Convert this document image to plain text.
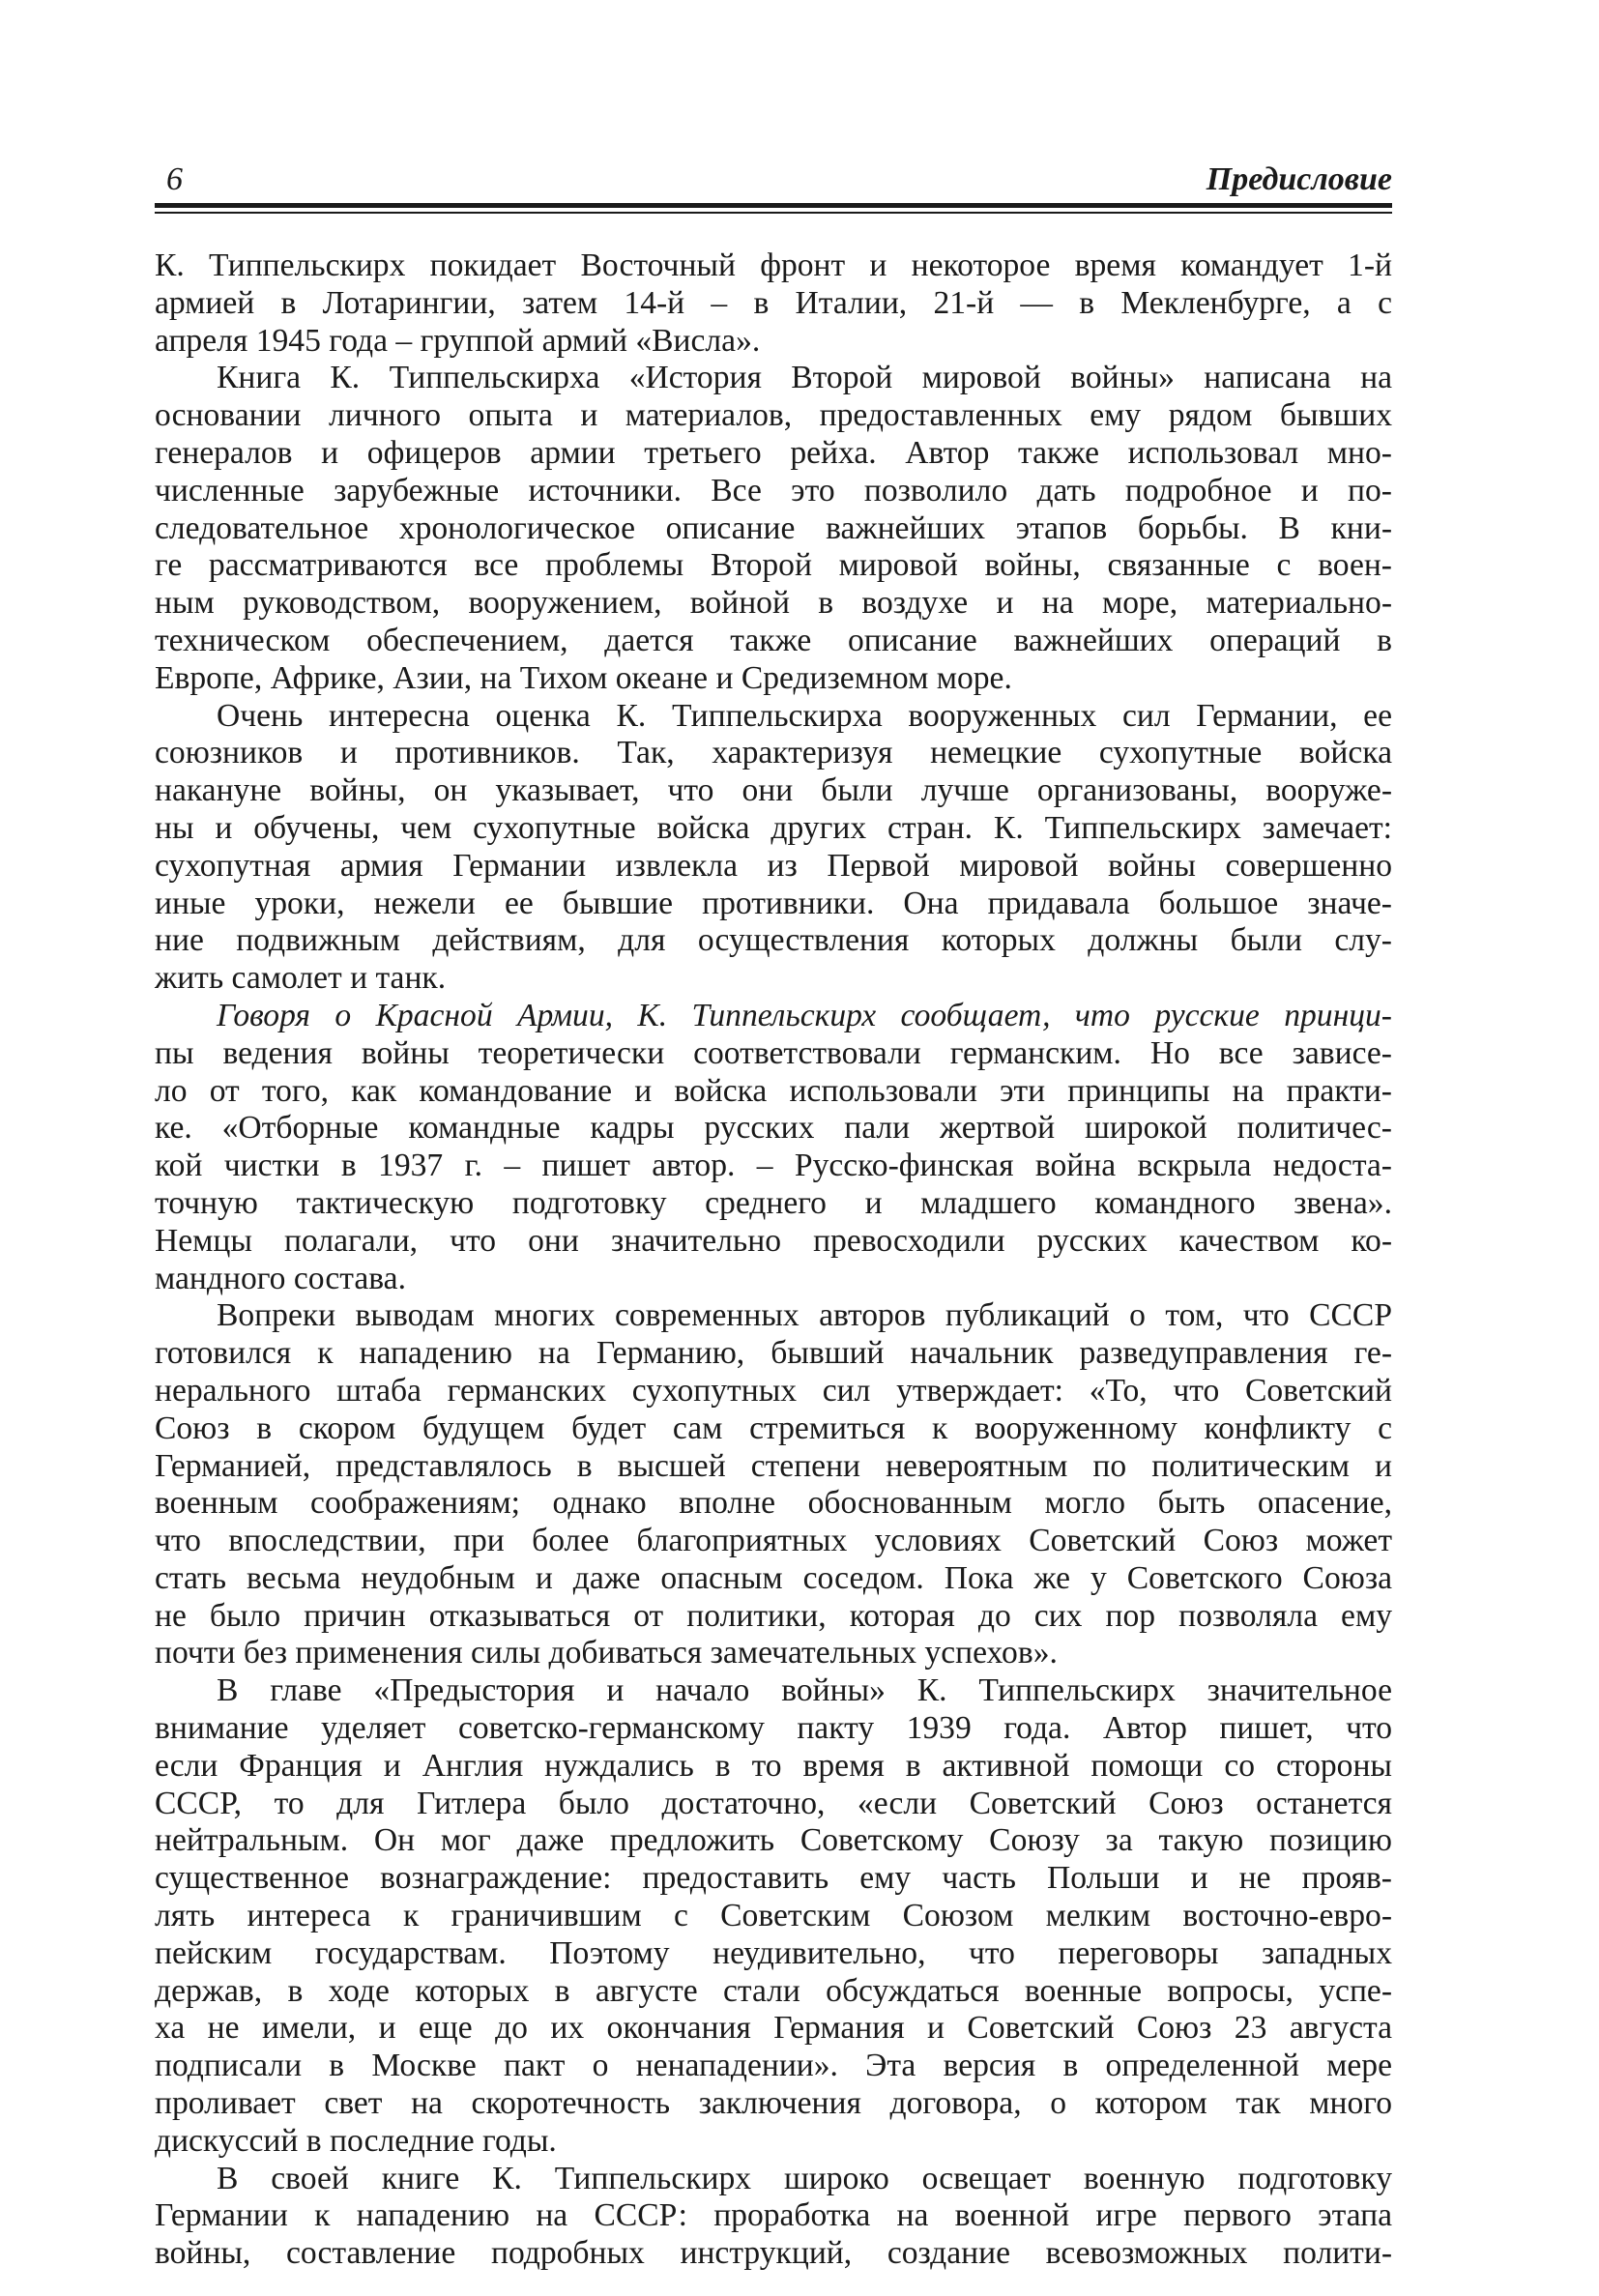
6	Предисловие
К. Типпельскирх покидает Восточный фронт и некоторое время командует 1-й
армией в Лотарингии, затем 14-й – в Италии, 21-й — в Мекленбурге, а с
апреля 1945 года – группой армий «Висла».
Книга К. Типпельскирха «История Второй мировой войны» написана на
основании личного опыта и материалов, предоставленных ему рядом бывших
генералов и офицеров армии третьего рейха. Автор также использовал мно-
численные зарубежные источники. Все это позволило дать подробное и по-
следовательное хронологическое описание важнейших этапов борьбы. В кни-
ге рассматриваются все проблемы Второй мировой войны, связанные с воен-
ным руководством, вооружением, войной в воздухе и на море, материально-
техническом обеспечением, дается также описание важнейших операций в
Европе, Африке, Азии, на Тихом океане и Средиземном море.
Очень интересна оценка К. Типпельскирха вооруженных сил Германии, ее
союзников и противников. Так, характеризуя немецкие сухопутные войска
накануне войны, он указывает, что они были лучше организованы, вооруже-
ны и обучены, чем сухопутные войска других стран. К. Типпельскирх замечает:
сухопутная армия Германии извлекла из Первой мировой войны совершенно
иные уроки, нежели ее бывшие противники. Она придавала большое значе-
ние подвижным действиям, для осуществления которых должны были слу-
жить самолет и танк.
Говоря о Красной Армии, К. Типпельскирх сообщает, что русские принци-
пы ведения войны теоретически соответствовали германским. Но все зависе-
ло от того, как командование и войска использовали эти принципы на практи-
ке. «Отборные командные кадры русских пали жертвой широкой политичес-
кой чистки в 1937 г. – пишет автор. – Русско-финская война вскрыла недоста-
точную тактическую подготовку среднего и младшего командного звена».
Немцы полагали, что они значительно превосходили русских качеством ко-
мандного состава.
Вопреки выводам многих современных авторов публикаций о том, что СССР
готовился к нападению на Германию, бывший начальник разведуправления ге-
нерального штаба германских сухопутных сил утверждает: «То, что Советский
Союз в скором будущем будет сам стремиться к вооруженному конфликту с
Германией, представлялось в высшей степени невероятным по политическим и
военным соображениям; однако вполне обоснованным могло быть опасение,
что впоследствии, при более благоприятных условиях Советский Союз может
стать весьма неудобным и даже опасным соседом. Пока же у Советского Союза
не было причин отказываться от политики, которая до сих пор позволяла ему
почти без применения силы добиваться замечательных успехов».
В главе «Предыстория и начало войны» К. Типпельскирх значительное
внимание уделяет советско-германскому пакту 1939 года. Автор пишет, что
если Франция и Англия нуждались в то время в активной помощи со стороны
СССР, то для Гитлера было достаточно, «если Советский Союз останется
нейтральным. Он мог даже предложить Советскому Союзу за такую позицию
существенное вознаграждение: предоставить ему часть Польши и не прояв-
лять интереса к граничившим с Советским Союзом мелким восточно-евро-
пейским государствам. Поэтому неудивительно, что переговоры западных
держав, в ходе которых в августе стали обсуждаться военные вопросы, успе-
ха не имели, и еще до их окончания Германия и Советский Союз 23 августа
подписали в Москве пакт о ненападении». Эта версия в определенной мере
проливает свет на скоротечность заключения договора, о котором так много
дискуссий в последние годы.
В своей книге К. Типпельскирх широко освещает военную подготовку
Германии к нападению на СССР: проработка на военной игре первого этапа
войны, составление подробных инструкций, создание всевозможных полити-
